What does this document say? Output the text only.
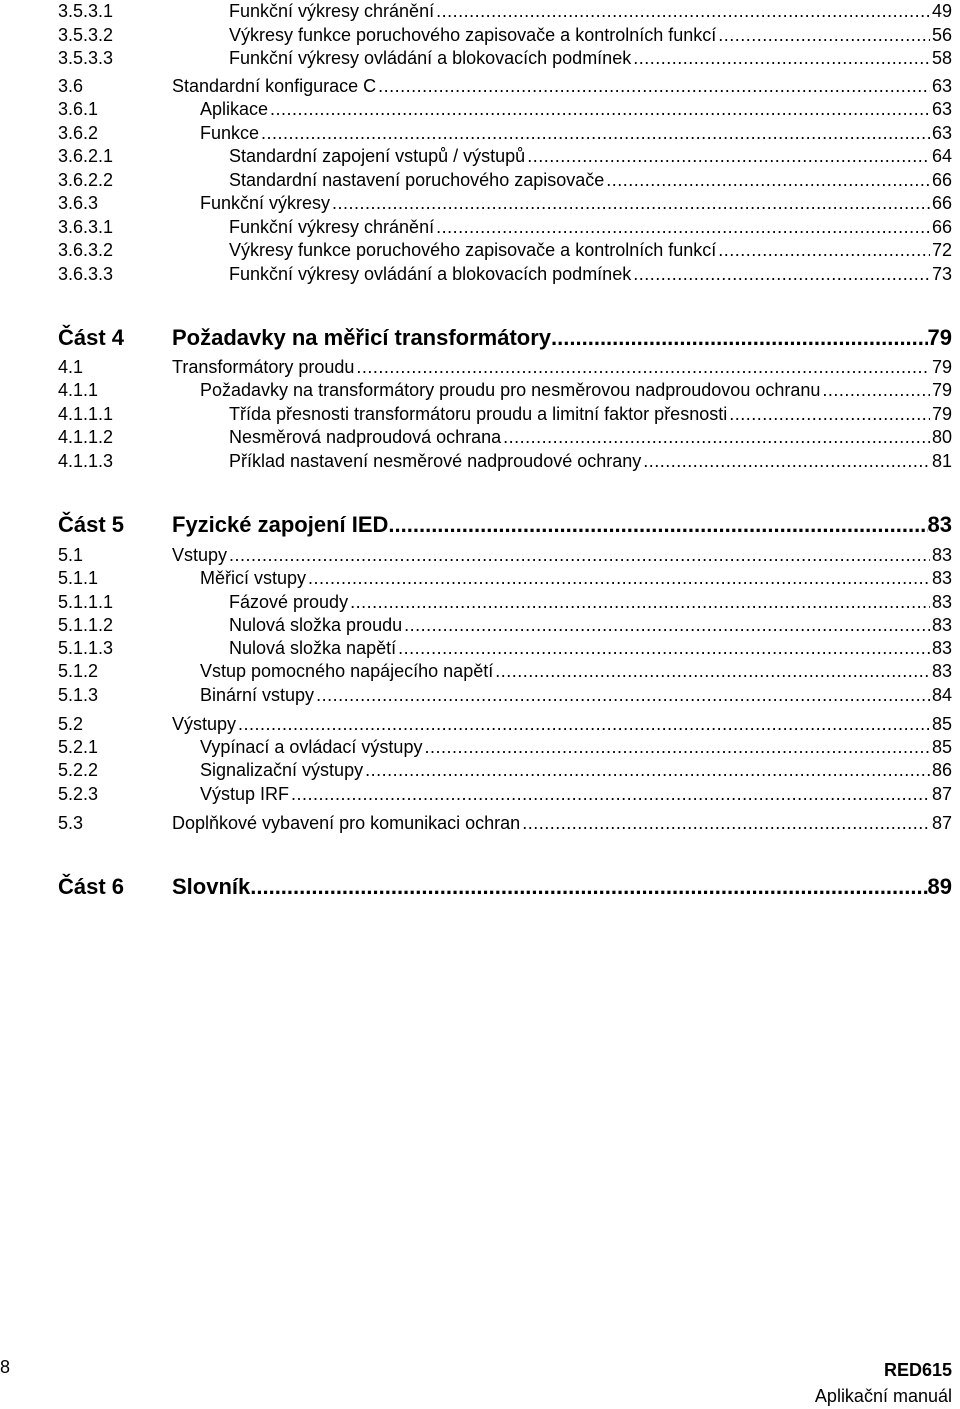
3.5.3.1	Funkční výkresy chránění .....	49
3.5.3.2	Výkresy funkce poruchového zapisovače a kontrolních funkcí .....	56
3.5.3.3	Funkční výkresy ovládání a blokovacích podmínek .....	58
3.6	Standardní konfigurace C .....	63
3.6.1	Aplikace .....	63
3.6.2	Funkce .....	63
3.6.2.1	Standardní zapojení vstupů / výstupů .....	64
3.6.2.2	Standardní nastavení poruchového zapisovače .....	66
3.6.3	Funkční výkresy .....	66
3.6.3.1	Funkční výkresy chránění .....	66
3.6.3.2	Výkresy funkce poruchového zapisovače a kontrolních funkcí .....	72
3.6.3.3	Funkční výkresy ovládání a blokovacích podmínek .....	73
Část 4 Požadavky na měřicí transformátory .....	79
4.1	Transformátory proudu .....	79
4.1.1	Požadavky na transformátory proudu pro nesměrovou nadproudovou ochranu .....	79
4.1.1.1	Třída přesnosti transformátoru proudu a limitní faktor přesnosti .....	79
4.1.1.2	Nesměrová nadproudová ochrana .....	80
4.1.1.3	Příklad nastavení nesměrové nadproudové ochrany .....	81
Část 5 Fyzické zapojení IED .....	83
5.1	Vstupy .....	83
5.1.1	Měřicí vstupy .....	83
5.1.1.1	Fázové proudy .....	83
5.1.1.2	Nulová složka proudu .....	83
5.1.1.3	Nulová složka napětí .....	83
5.1.2	Vstup pomocného napájecího napětí .....	83
5.1.3	Binární vstupy .....	84
5.2	Výstupy .....	85
5.2.1	Vypínací a ovládací výstupy .....	85
5.2.2	Signalizační výstupy .....	86
5.2.3	Výstup IRF .....	87
5.3	Doplňkové vybavení pro komunikaci ochran .....	87
Část 6 Slovník .....	89
8	RED615
Aplikační manuál
